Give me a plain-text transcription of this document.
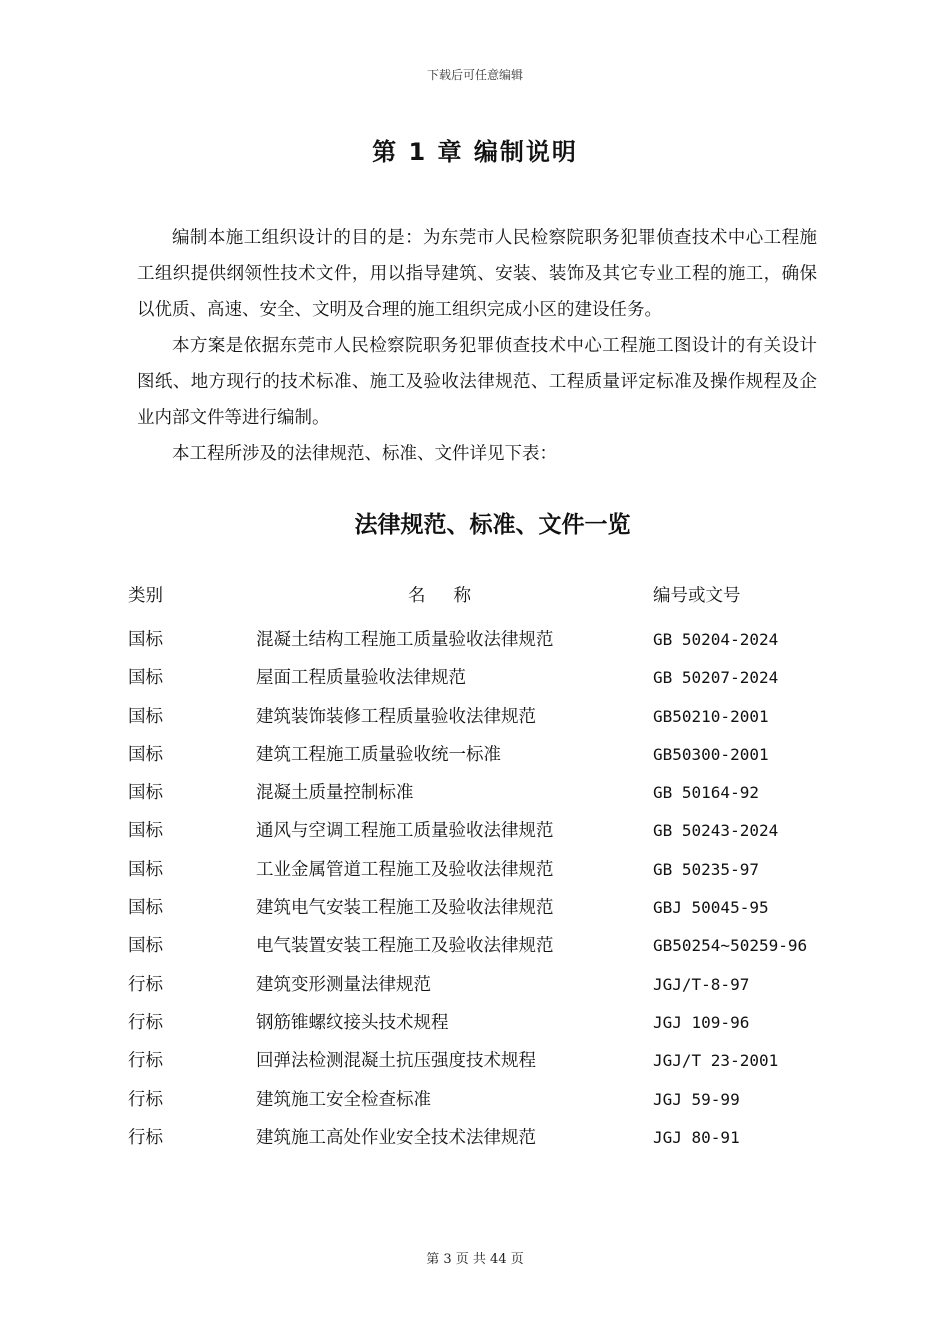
下载后可任意编辑
第 1 章 编制说明

编制本施工组织设计的目的是：为东莞市人民检察院职务犯罪侦查技术中心工程施工组织提供纲领性技术文件，用以指导建筑、安装、装饰及其它专业工程的施工，确保以优质、高速、安全、文明及合理的施工组织完成小区的建设任务。

本方案是依据东莞市人民检察院职务犯罪侦查技术中心工程施工图设计的有关设计图纸、地方现行的技术标准、施工及验收法律规范、工程质量评定标准及操作规程及企业内部文件等进行编制。

本工程所涉及的法律规范、标准、文件详见下表：

法律规范、标准、文件一览
类别	名称	编号或文号
国标	混凝土结构工程施工质量验收法律规范	GB 50204-2024
国标	屋面工程质量验收法律规范	GB 50207-2024
国标	建筑装饰装修工程质量验收法律规范	GB50210-2001
国标	建筑工程施工质量验收统一标准	GB50300-2001
国标	混凝土质量控制标准	GB 50164-92
国标	通风与空调工程施工质量验收法律规范	GB 50243-2024
国标	工业金属管道工程施工及验收法律规范	GB 50235-97
国标	建筑电气安装工程施工及验收法律规范	GBJ 50045-95
国标	电气装置安装工程施工及验收法律规范	GB50254~50259-96
行标	建筑变形测量法律规范	JGJ/T-8-97
行标	钢筋锥螺纹接头技术规程	JGJ 109-96
行标	回弹法检测混凝土抗压强度技术规程	JGJ/T 23-2001
行标	建筑施工安全检查标准	JGJ 59-99
行标	建筑施工高处作业安全技术法律规范	JGJ 80-91
第 3 页 共 44 页
